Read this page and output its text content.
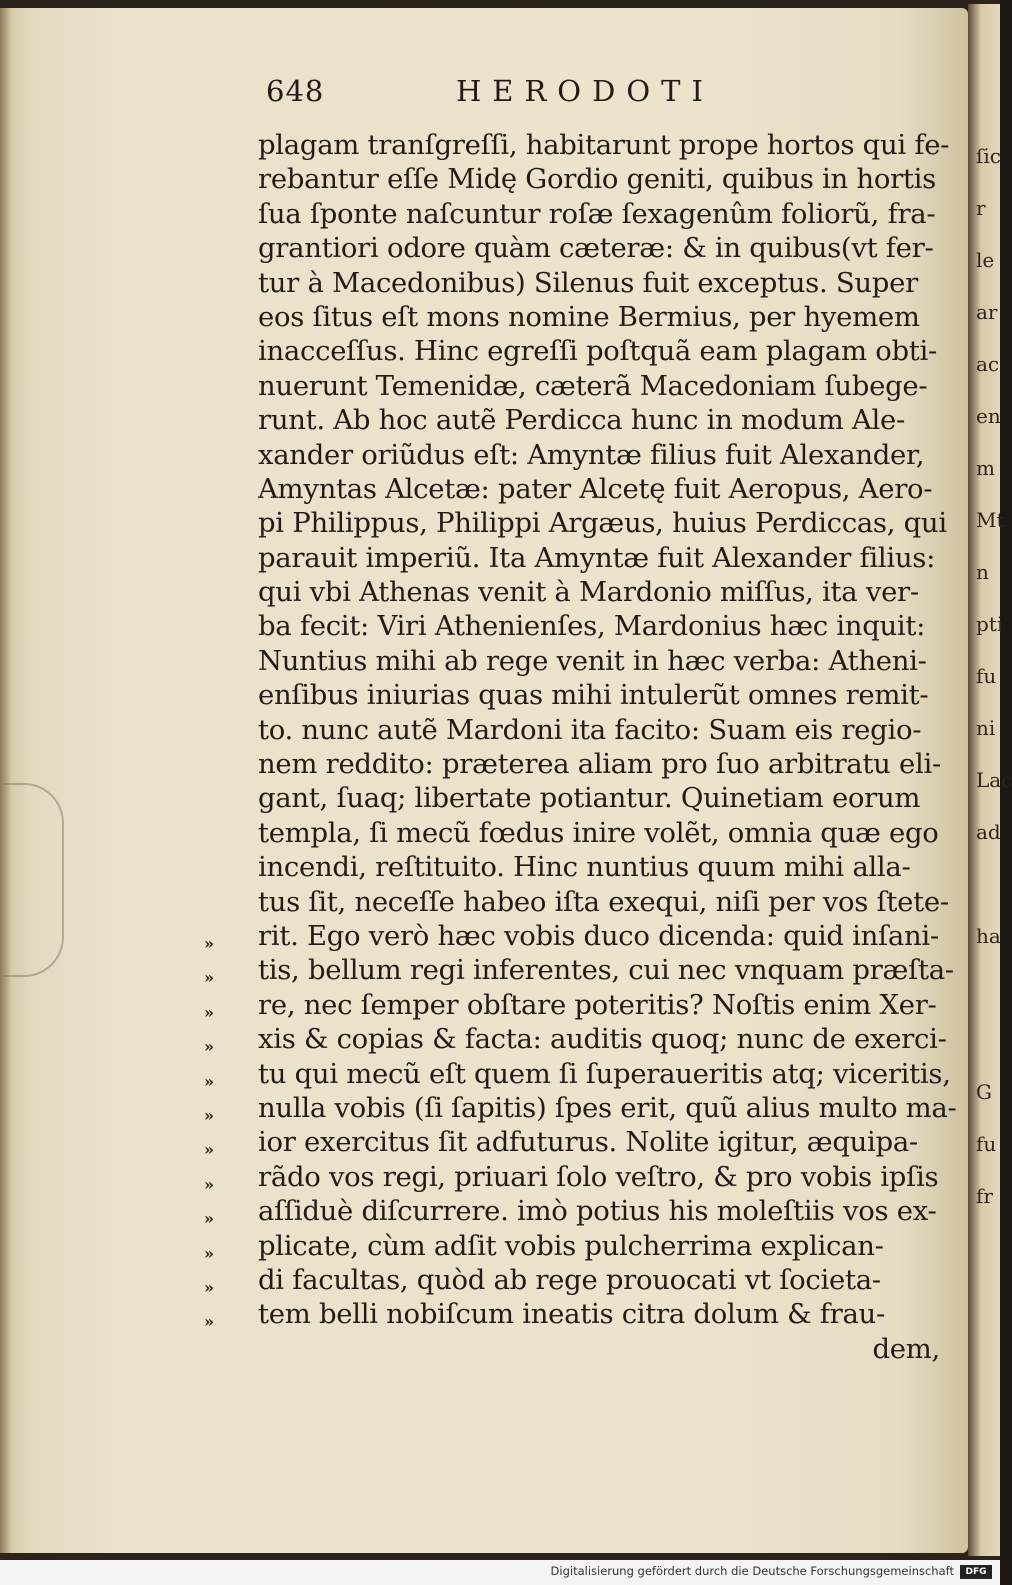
ſic
r
le
ar
ac
en
m
Mt
n
pti
fu
ni
Lac
ad
ha
G
fu
fr
648	HERODOTI
plagam tranſgreſſi, habitarunt prope hortos qui fe-
rebantur eſſe Midę Gordio geniti, quibus in hortis
ſua ſponte naſcuntur roſæ ſexagenûm foliorũ, fra-
grantiori odore quàm cæteræ: & in quibus(vt fer-
tur à Macedonibus) Silenus fuit exceptus. Super
eos ſitus eſt mons nomine Bermius, per hyemem
inacceſſus. Hinc egreſſi poſtquã eam plagam obti-
nuerunt Temenidæ, cæterã Macedoniam ſubege-
runt. Ab hoc autẽ Perdicca hunc in modum Ale-
xander oriũdus eſt: Amyntæ filius fuit Alexander,
Amyntas Alcetæ: pater Alcetę fuit Aeropus, Aero-
pi Philippus, Philippi Argæus, huius Perdiccas, qui
parauit imperiũ. Ita Amyntæ fuit Alexander filius:
qui vbi Athenas venit à Mardonio miſſus, ita ver-
ba fecit: Viri Athenienſes, Mardonius hæc inquit:
Nuntius mihi ab rege venit in hæc verba: Atheni-
enſibus iniurias quas mihi intulerũt omnes remit-
to. nunc autẽ Mardoni ita facito: Suam eis regio-
nem reddito: præterea aliam pro ſuo arbitratu eli-
gant, ſuaq; libertate potiantur. Quinetiam eorum
templa, ſi mecũ fœdus inire volẽt, omnia quæ ego
incendi, reſtituito. Hinc nuntius quum mihi alla-
tus ſit, neceſſe habeo iſta exequi, niſi per vos ſtete-
rit. Ego verò hæc vobis duco dicenda: quid inſani-
tis, bellum regi inferentes, cui nec vnquam præſta-
re, nec ſemper obſtare poteritis? Noſtis enim Xer-
xis & copias & facta: auditis quoq; nunc de exerci-
tu qui mecũ eſt quem ſi ſuperaueritis atq; viceritis,
nulla vobis (ſi ſapitis) ſpes erit, quũ alius multo ma-
ior exercitus ſit adfuturus. Nolite igitur, æquipa-
rãdo vos regi, priuari ſolo veſtro, & pro vobis ipſis
aſſiduè diſcurrere. imò potius his moleſtiis vos ex-
plicate, cùm adſit vobis pulcherrima explican-
di facultas, quòd ab rege prouocati vt ſocieta-
tem belli nobiſcum ineatis citra dolum & frau-
dem,
»
»
»
»
»
»
»
»
»
»
»
»
Digitalisierung gefördert durch die Deutsche Forschungsgemeinschaft	DFG
